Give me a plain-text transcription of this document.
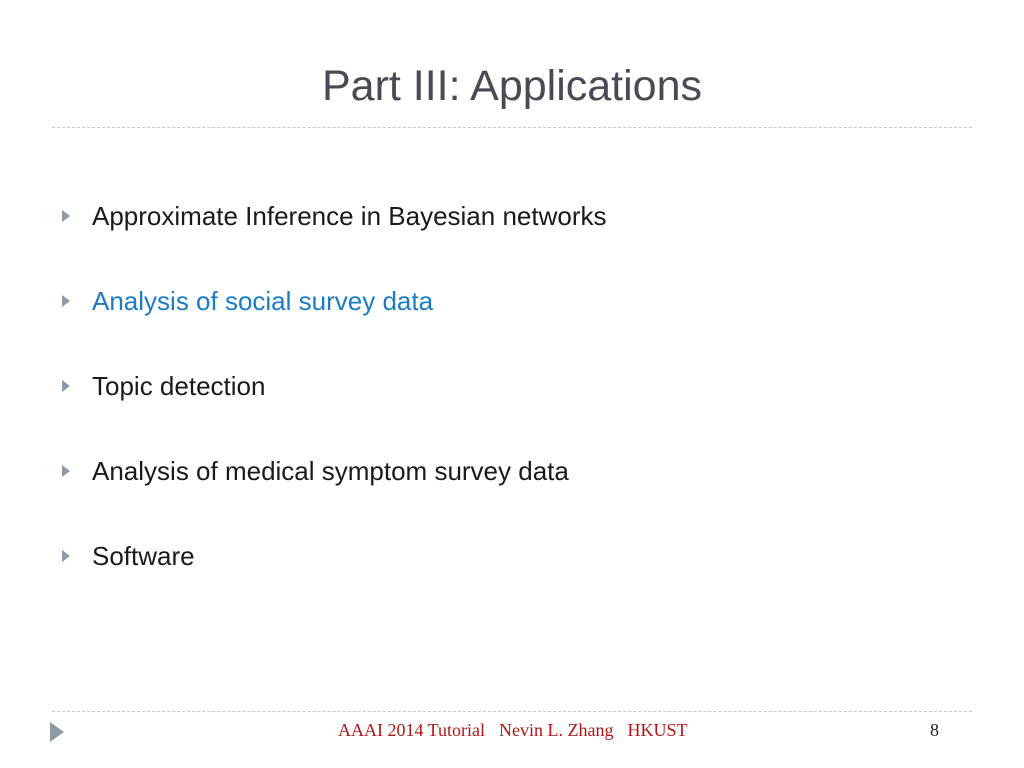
Part III: Applications
Approximate Inference in Bayesian networks
Analysis of social survey data
Topic detection
Analysis of medical symptom survey data
Software
AAAI 2014 Tutorial Nevin L. Zhang HKUST	8
